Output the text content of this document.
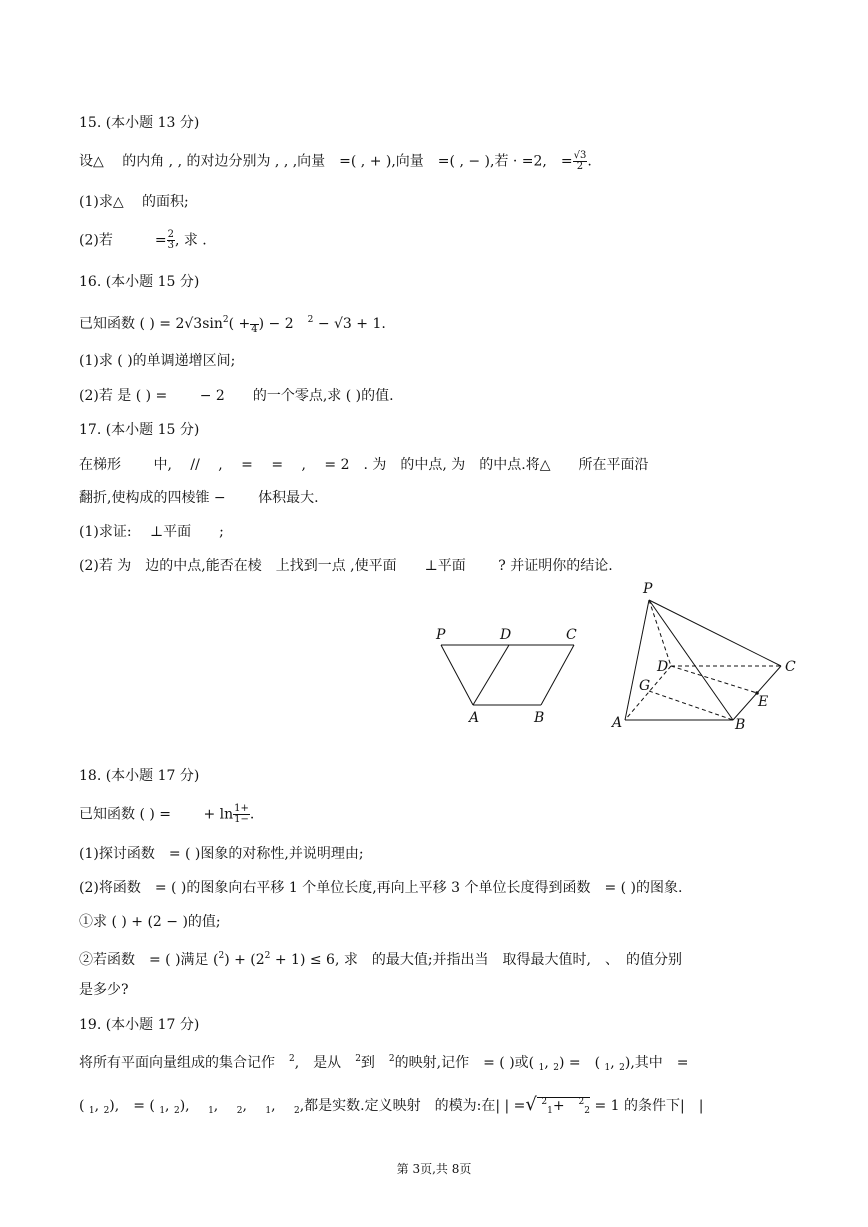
15. (本小题 13 分)
设△　 的内角 , , 的对边分别为 , , ,向量　=( , + ),向量　=( , − ),若 · =2,　= $\frac{√3}{2}$ .
(1)求△　 的面积;
(2)若　　　= $\frac{2}{3}$ , 求 .
16. (本小题 15 分)
已知函数 ( ) = $2√3\sin^2$( +
4 ) − 2　$^2$ − √3 + 1.
(1)求 ( )的单调递增区间;
(2)若 是 ( ) =　　 − 2　　的一个零点,求 ( )的值.
17. (本小题 15 分)
在梯形　　 中, 　//　 ,　 =　 =　 ,　 = 2　. 为　的中点, 为　的中点.将△　　所在平面沿
翻折,使构成的四棱锥 −　　 体积最大.
(1)求证: 　⊥平面　　;
(2)若 为　边的中点,能否在棱　上找到一点 ,使平面　　⊥平面　　 ? 并证明你的结论.
P	D	C
A	B
P
D	C
G
E
A	B
18. (本小题 17 分)
已知函数 ( ) =　　 + $\ln \frac{1+}{1-}$ .
(1)探讨函数　= ( )图象的对称性,并说明理由;
(2)将函数　= ( )的图象向右平移 1 个单位长度,再向上平移 3 个单位长度得到函数　= ( )的图象.
①求 ( ) + (2 − )的值;
②若函数　= ( )满足 $(^2) + (2^2 + 1) \le 6$, 求　的最大值;并指出当　取得最大值时,　、　的值分别
是多少?
19. (本小题 17 分)
将所有平面向量组成的集合记作　$^2$,　是从　$^2$到　$^2$的映射,记作　= ( )或( $_1$, $_2$) =　( $_1$, $_2$),其中　=
( $_1$, $_2$),　= ( $_1$, $_2$),　 $_1$,　 $_2$,　 $_1$,　 $_2$,都是实数.定义映射　的模为:在| | =√ $^2_1$+　$^2_2$ = 1 的条件下|　|
第 3页,共 8页
